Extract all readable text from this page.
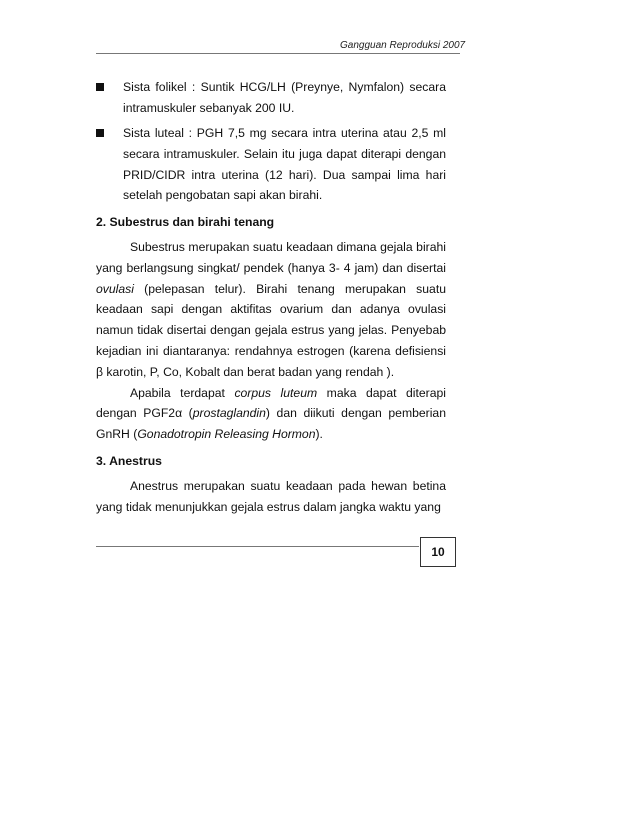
Gangguan Reproduksi 2007
Sista folikel : Suntik HCG/LH (Preynye, Nymfalon) secara intramuskuler sebanyak 200 IU.
Sista luteal : PGH 7,5 mg secara intra uterina atau 2,5 ml secara intramuskuler. Selain itu juga dapat diterapi dengan PRID/CIDR intra uterina (12 hari). Dua sampai lima hari setelah pengobatan sapi akan birahi.
2. Subestrus dan birahi tenang

Subestrus merupakan suatu keadaan dimana gejala birahi yang berlangsung singkat/ pendek (hanya 3- 4 jam) dan disertai ovulasi (pelepasan telur). Birahi tenang merupakan suatu keadaan sapi dengan aktifitas ovarium dan adanya ovulasi namun tidak disertai dengan gejala estrus yang jelas. Penyebab kejadian ini diantaranya: rendahnya estrogen (karena defisiensi β karotin, P, Co, Kobalt dan berat badan yang rendah ).

Apabila terdapat corpus luteum maka dapat diterapi dengan PGF2α (prostaglandin) dan diikuti dengan pemberian GnRH (Gonadotropin Releasing Hormon).

3. Anestrus

Anestrus merupakan suatu keadaan pada hewan betina yang tidak menunjukkan gejala estrus dalam jangka waktu yang

10
